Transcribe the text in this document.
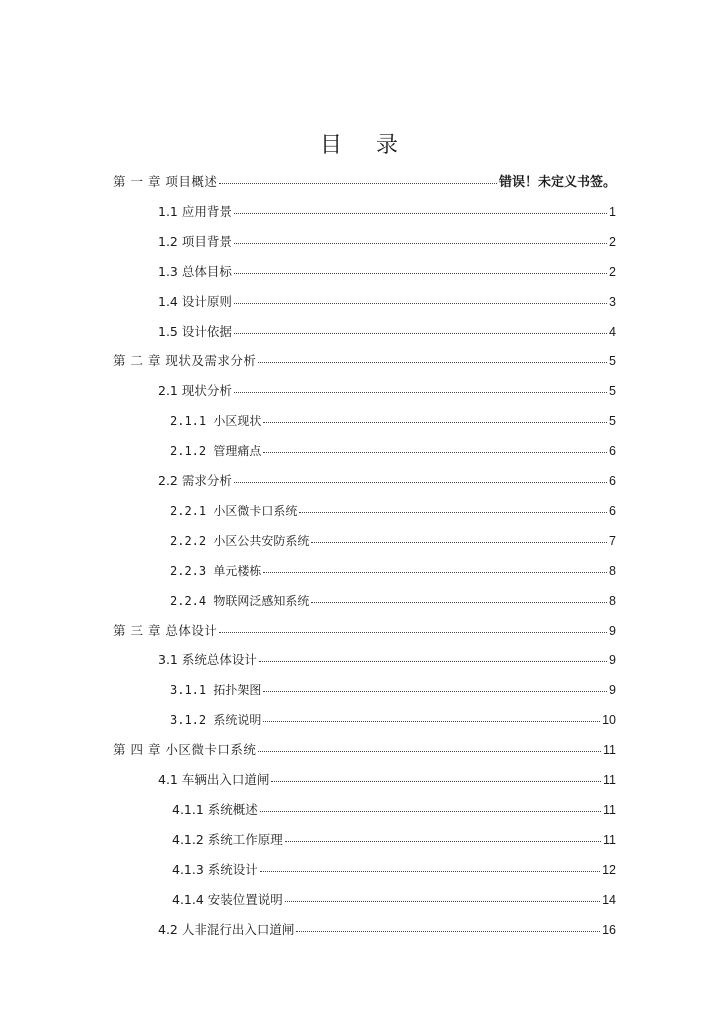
目　录
第 一 章 项目概述	错误！未定义书签。
1.1 应用背景	1
1.2 项目背景	2
1.3 总体目标	2
1.4 设计原则	3
1.5 设计依据	4
第 二 章 现状及需求分析	5
2.1 现状分析	5
2.1.1 小区现状	5
2.1.2 管理痛点	6
2.2 需求分析	6
2.2.1 小区微卡口系统	6
2.2.2 小区公共安防系统	7
2.2.3 单元楼栋	8
2.2.4 物联网泛感知系统	8
第 三 章 总体设计	9
3.1 系统总体设计	9
3.1.1 拓扑架图	9
3.1.2 系统说明	10
第 四 章 小区微卡口系统	11
4.1 车辆出入口道闸	11
4.1.1 系统概述	11
4.1.2 系统工作原理	11
4.1.3 系统设计	12
4.1.4 安装位置说明	14
4.2 人非混行出入口道闸	16
